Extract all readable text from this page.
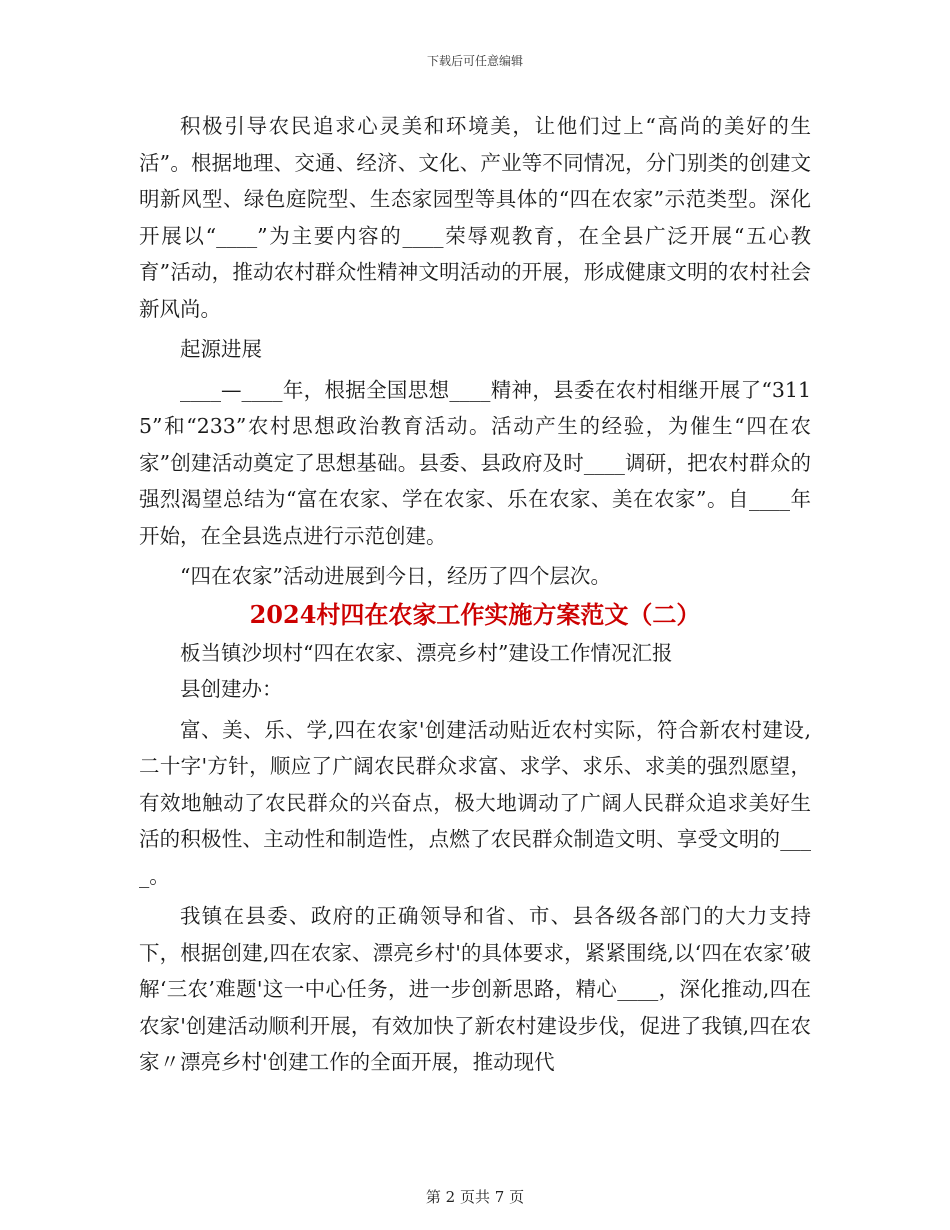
下载后可任意编辑

积极引导农民追求心灵美和环境美，让他们过上“高尚的美好的生活”。根据地理、交通、经济、文化、产业等不同情况，分门别类的创建文明新风型、绿色庭院型、生态家园型等具体的“四在农家”示范类型。深化开展以“____”为主要内容的____荣辱观教育，在全县广泛开展“五心教育”活动，推动农村群众性精神文明活动的开展，形成健康文明的农村社会新风尚。

起源进展

____—____年，根据全国思想____精神，县委在农村相继开展了“3115”和“233”农村思想政治教育活动。活动产生的经验，为催生“四在农家”创建活动奠定了思想基础。县委、县政府及时____调研，把农村群众的强烈渴望总结为“富在农家、学在农家、乐在农家、美在农家”。自____年开始，在全县选点进行示范创建。

“四在农家”活动进展到今日，经历了四个层次。

2024村四在农家工作实施方案范文（二）

板当镇沙坝村“四在农家、漂亮乡村”建设工作情况汇报

县创建办：

富、美、乐、学,四在农家'创建活动贴近农村实际，符合新农村建设,二十字'方针，顺应了广阔农民群众求富、求学、求乐、求美的强烈愿望，有效地触动了农民群众的兴奋点，极大地调动了广阔人民群众追求美好生活的积极性、主动性和制造性，点燃了农民群众制造文明、享受文明的____。

我镇在县委、政府的正确领导和省、市、县各级各部门的大力支持下，根据创建,四在农家、漂亮乡村'的具体要求，紧紧围绕,以‘四在农家’破解‘三农’难题'这一中心任务，进一步创新思路，精心____，深化推动,四在农家'创建活动顺利开展，有效加快了新农村建设步伐，促进了我镇,四在农家〃漂亮乡村'创建工作的全面开展，推动现代

第 2 页共 7 页
